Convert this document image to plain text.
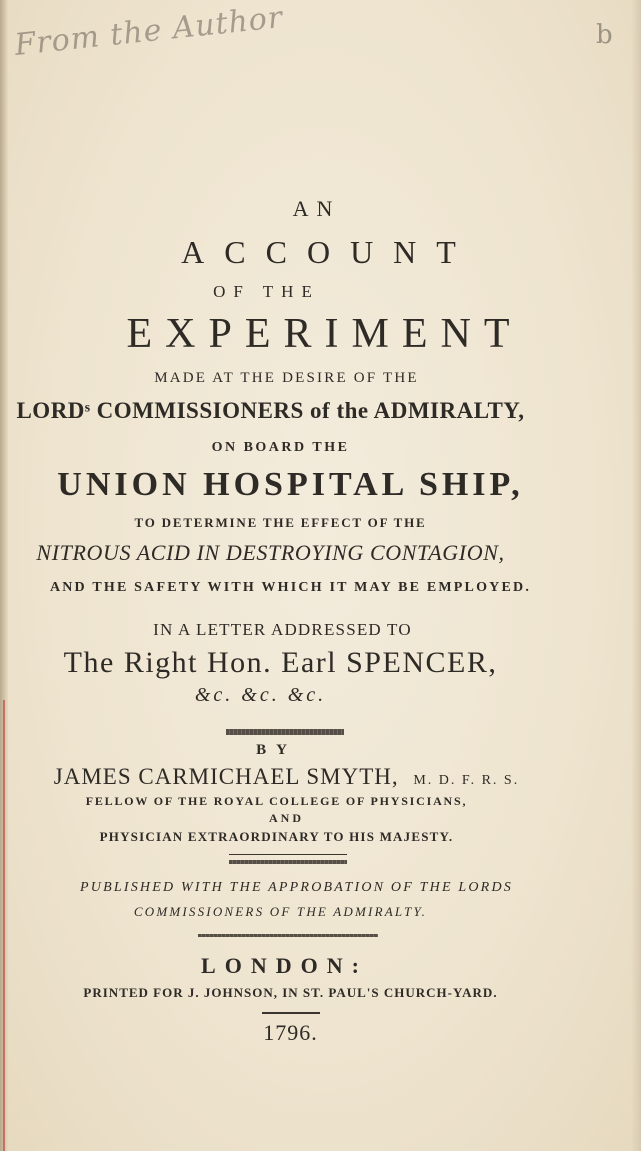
From the Author	b
AN
ACCOUNT
OF THE
EXPERIMENT
MADE AT THE DESIRE OF THE
LORDˢ COMMISSIONERS of the ADMIRALTY,
ON BOARD THE
UNION HOSPITAL SHIP,
TO DETERMINE THE EFFECT OF THE
NITROUS ACID IN DESTROYING CONTAGION,
AND THE SAFETY WITH WHICH IT MAY BE EMPLOYED.
IN A LETTER ADDRESSED TO
The Right Hon. Earl SPENCER,
&c. &c. &c.
BY
JAMES CARMICHAEL SMYTH, M. D. F. R. S.
FELLOW OF THE ROYAL COLLEGE OF PHYSICIANS,
AND
PHYSICIAN EXTRAORDINARY TO HIS MAJESTY.
PUBLISHED WITH THE APPROBATION OF THE LORDS
COMMISSIONERS OF THE ADMIRALTY.
LONDON:
PRINTED FOR J. JOHNSON, IN ST. PAUL'S CHURCH-YARD.
1796.
